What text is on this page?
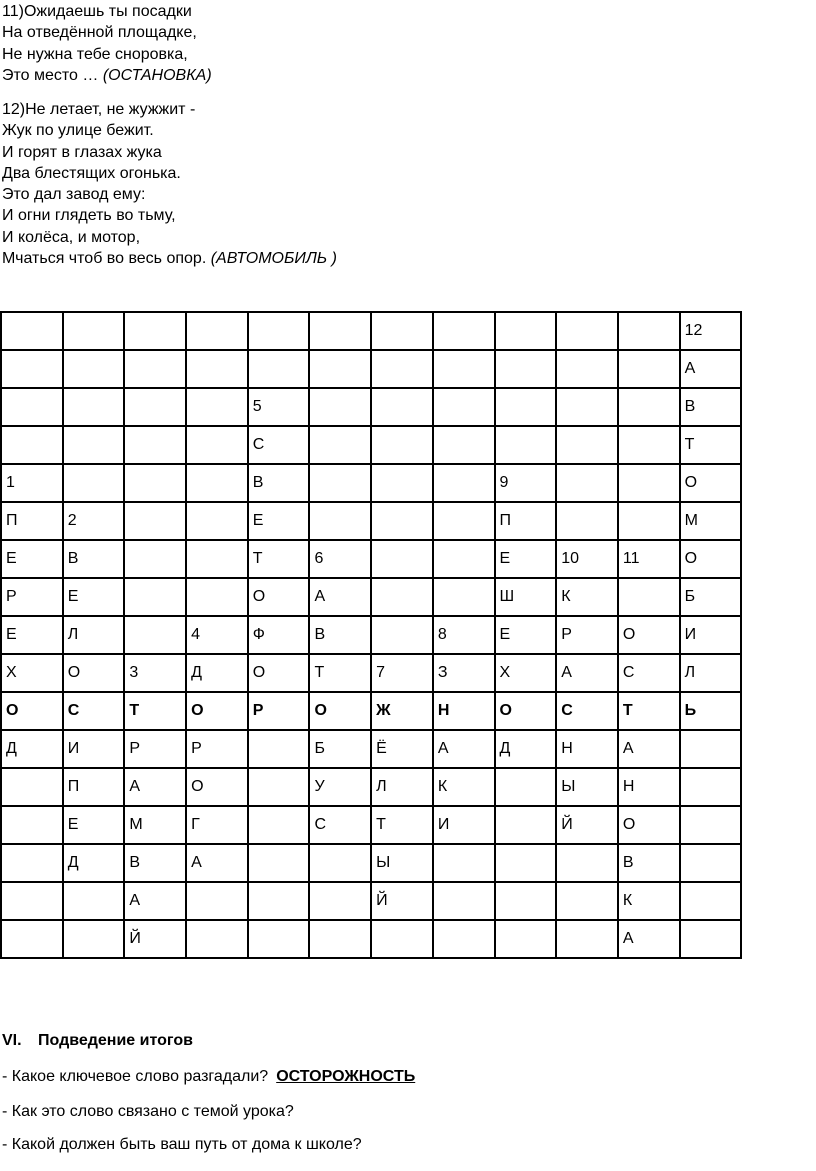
11)Ожидаешь ты посадки
На отведённой площадке,
Не нужна тебе сноровка,
Это место … (ОСТАНОВКА)
12)Не летает, не жужжит -
Жук по улице бежит.
И горят в глазах жука
Два блестящих огонька.
Это дал завод ему:
И огни глядеть во тьму,
И колёса, и мотор,
Мчаться чтоб во весь опор. (АВТОМОБИЛЬ )

											12

											А

				5							В

				С							Т

1				В				9			О

П	2			Е				П			М

Е	В			Т	6			Е	10	11	О

Р	Е			О	А			Ш	К		Б

Е	Л		4	Ф	В		8	Е	Р	О	И

Х	О	3	Д	О	Т	7	З	Х	А	С	Л

О	С	Т	О	Р	О	Ж	Н	О	С	Т	Ь

Д	И	Р	Р		Б	Ё	А	Д	Н	А	

	П	А	О		У	Л	К		Ы	Н	

	Е	М	Г		С	Т	И		Й	О	

	Д	В	А			Ы				В	

		А				Й				К	

		Й								А	

VI. Подведение итогов
- Какое ключевое слово разгадали? ОСТОРОЖНОСТЬ
- Как это слово связано с темой урока?
- Какой должен быть ваш путь от дома к школе?
